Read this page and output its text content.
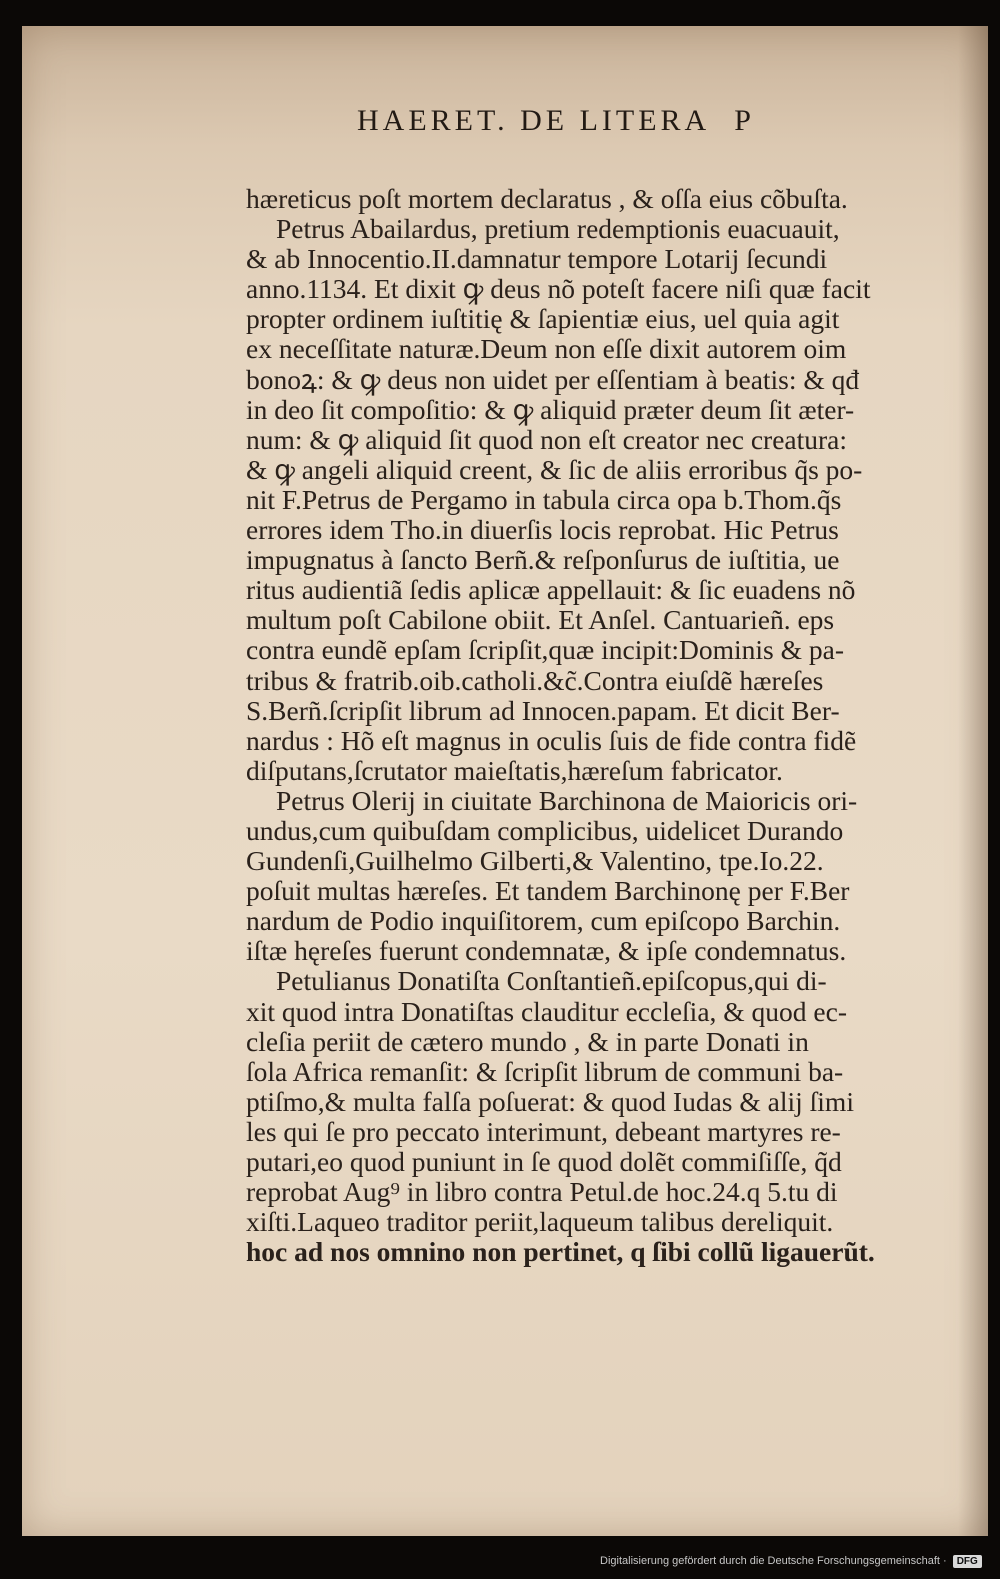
HAERET. DE LITERA P
hæreticus poſt mortem declaratus , & oſſa eius cõbuſta.
Petrus Abailardus, pretium redemptionis euacuauit,
& ab Innocentio.II.damnatur tempore Lotarij ſecundi
anno.1134. Et dixit ꝙ deus nõ poteſt facere niſi quæ facit
propter ordinem iuſtitię & ſapientiæ eius, uel quia agit
ex neceſſitate naturæ.Deum non eſſe dixit autorem oim
bonoꝝ: & ꝙ deus non uidet per eſſentiam à beatis: & qđ
in deo ſit compoſitio: & ꝙ aliquid præter deum ſit æter-
num: & ꝙ aliquid ſit quod non eſt creator nec creatura:
& ꝙ angeli aliquid creent, & ſic de aliis erroribus q̃s po-
nit F.Petrus de Pergamo in tabula circa opa b.Thom.q̃s
errores idem Tho.in diuerſis locis reprobat. Hic Petrus
impugnatus à ſancto Berñ.& reſponſurus de iuſtitia, ue
ritus audientiã ſedis aplicæ appellauit: & ſic euadens nõ
multum poſt Cabilone obiit. Et Anſel. Cantuarieñ. eps
contra eundẽ epſam ſcripſit,quæ incipit:Dominis & pa-
tribus & fratrib.oib.catholi.&c̃.Contra eiuſdẽ hæreſes
S.Berñ.ſcripſit librum ad Innocen.papam. Et dicit Ber-
nardus : Hõ eſt magnus in oculis ſuis de fide contra fidẽ
diſputans,ſcrutator maieſtatis,hæreſum fabricator.
Petrus Olerij in ciuitate Barchinona de Maioricis ori-
undus,cum quibuſdam complicibus, uidelicet Durando
Gundenſi,Guilhelmo Gilberti,& Valentino, tpe.Io.22.
poſuit multas hæreſes. Et tandem Barchinonę per F.Ber
nardum de Podio inquiſitorem, cum epiſcopo Barchin.
iſtæ hęreſes fuerunt condemnatæ, & ipſe condemnatus.
Petulianus Donatiſta Conſtantieñ.epiſcopus,qui di-
xit quod intra Donatiſtas clauditur eccleſia, & quod ec-
cleſia periit de cætero mundo , & in parte Donati in
ſola Africa remanſit: & ſcripſit librum de communi ba-
ptiſmo,& multa falſa poſuerat: & quod Iudas & alij ſimi
les qui ſe pro peccato interimunt, debeant martyres re-
putari,eo quod puniunt in ſe quod dolẽt commiſiſſe, q̃d
reprobat Aug⁹ in libro contra Petul.de hoc.24.q 5.tu di
xiſti.Laqueo traditor periit,laqueum talibus dereliquit.
hoc ad nos omnino non pertinet, q ſibi collũ ligauerũt.
Digitalisierung gefördert durch die Deutsche Forschungsgemeinschaft ·	DFG
